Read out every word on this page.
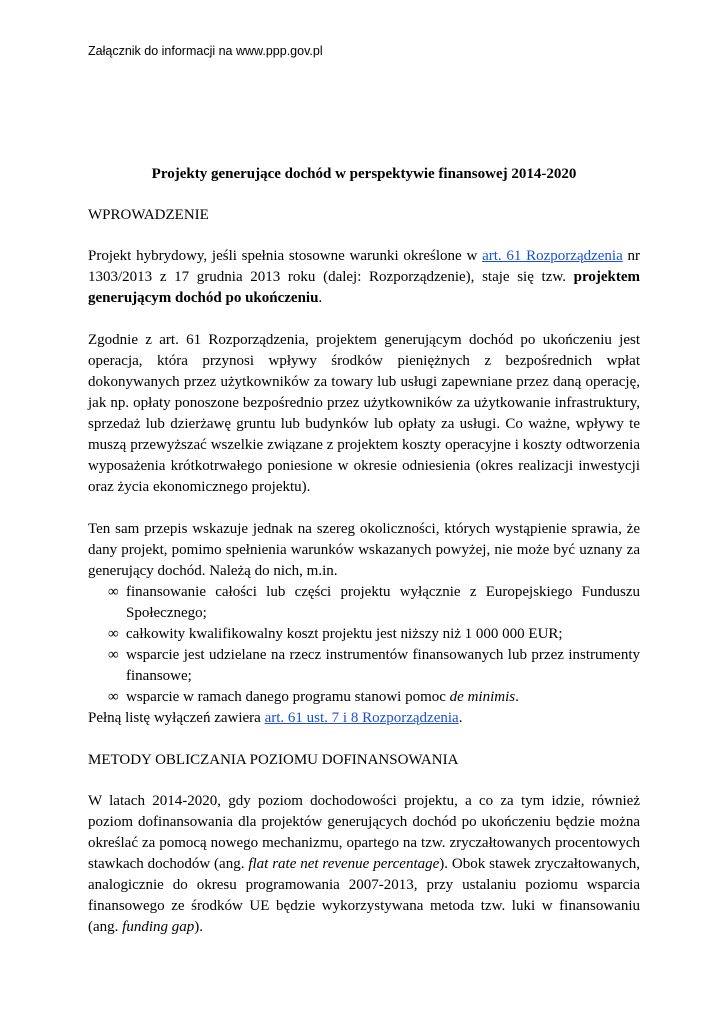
Załącznik do informacji na www.ppp.gov.pl
Projekty generujące dochód w perspektywie finansowej 2014-2020
WPROWADZENIE

Projekt hybrydowy, jeśli spełnia stosowne warunki określone w art. 61 Rozporządzenia nr 1303/2013 z 17 grudnia 2013 roku (dalej: Rozporządzenie), staje się tzw. projektem generującym dochód po ukończeniu.

Zgodnie z art. 61 Rozporządzenia, projektem generującym dochód po ukończeniu jest operacja, która przynosi wpływy środków pieniężnych z bezpośrednich wpłat dokonywanych przez użytkowników za towary lub usługi zapewniane przez daną operację, jak np. opłaty ponoszone bezpośrednio przez użytkowników za użytkowanie infrastruktury, sprzedaż lub dzierżawę gruntu lub budynków lub opłaty za usługi. Co ważne, wpływy te muszą przewyższać wszelkie związane z projektem koszty operacyjne i koszty odtworzenia wyposażenia krótkotrwałego poniesione w okresie odniesienia (okres realizacji inwestycji oraz życia ekonomicznego projektu).

Ten sam przepis wskazuje jednak na szereg okoliczności, których wystąpienie sprawia, że dany projekt, pomimo spełnienia warunków wskazanych powyżej, nie może być uznany za generujący dochód. Należą do nich, m.in.

∞ finansowanie całości lub części projektu wyłącznie z Europejskiego Funduszu Społecznego;
∞ całkowity kwalifikowalny koszt projektu jest niższy niż 1 000 000 EUR;
∞ wsparcie jest udzielane na rzecz instrumentów finansowanych lub przez instrumenty finansowe;
∞ wsparcie w ramach danego programu stanowi pomoc de minimis.

Pełną listę wyłączeń zawiera art. 61 ust. 7 i 8 Rozporządzenia.

METODY OBLICZANIA POZIOMU DOFINANSOWANIA

W latach 2014-2020, gdy poziom dochodowości projektu, a co za tym idzie, również poziom dofinansowania dla projektów generujących dochód po ukończeniu będzie można określać za pomocą nowego mechanizmu, opartego na tzw. zryczałtowanych procentowych stawkach dochodów (ang. flat rate net revenue percentage). Obok stawek zryczałtowanych, analogicznie do okresu programowania 2007-2013, przy ustalaniu poziomu wsparcia finansowego ze środków UE będzie wykorzystywana metoda tzw. luki w finansowaniu (ang. funding gap).
